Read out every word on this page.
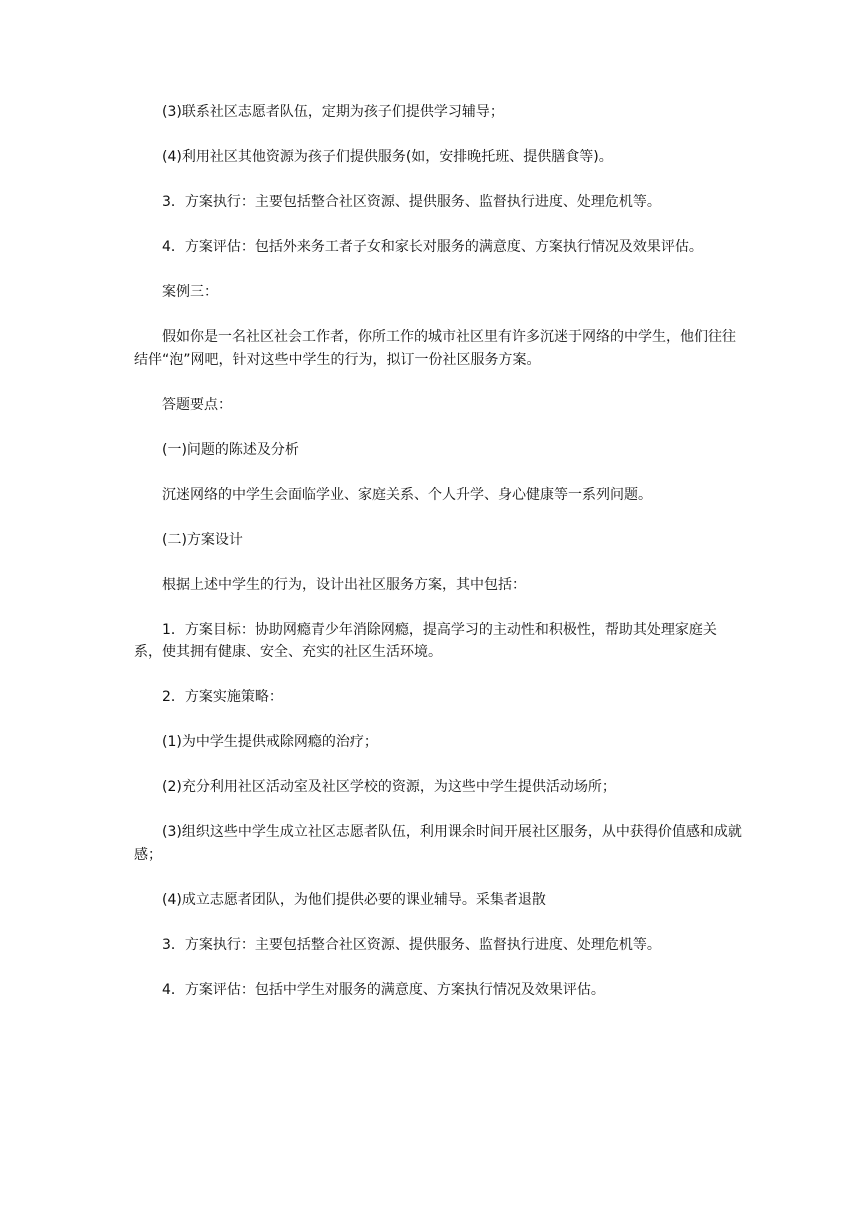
(3)联系社区志愿者队伍，定期为孩子们提供学习辅导；

(4)利用社区其他资源为孩子们提供服务(如，安排晚托班、提供膳食等)。

3．方案执行：主要包括整合社区资源、提供服务、监督执行进度、处理危机等。

4．方案评估：包括外来务工者子女和家长对服务的满意度、方案执行情况及效果评估。

案例三：

假如你是一名社区社会工作者，你所工作的城市社区里有许多沉迷于网络的中学生，他们往往结伴“泡”网吧，针对这些中学生的行为，拟订一份社区服务方案。

答题要点：

(一)问题的陈述及分析

沉迷网络的中学生会面临学业、家庭关系、个人升学、身心健康等一系列问题。

(二)方案设计

根据上述中学生的行为，设计出社区服务方案，其中包括：

1．方案目标：协助网瘾青少年消除网瘾，提高学习的主动性和积极性，帮助其处理家庭关系，使其拥有健康、安全、充实的社区生活环境。

2．方案实施策略：

(1)为中学生提供戒除网瘾的治疗；

(2)充分利用社区活动室及社区学校的资源，为这些中学生提供活动场所；

(3)组织这些中学生成立社区志愿者队伍，利用课余时间开展社区服务，从中获得价值感和成就感；

(4)成立志愿者团队，为他们提供必要的课业辅导。采集者退散

3．方案执行：主要包括整合社区资源、提供服务、监督执行进度、处理危机等。

4．方案评估：包括中学生对服务的满意度、方案执行情况及效果评估。
